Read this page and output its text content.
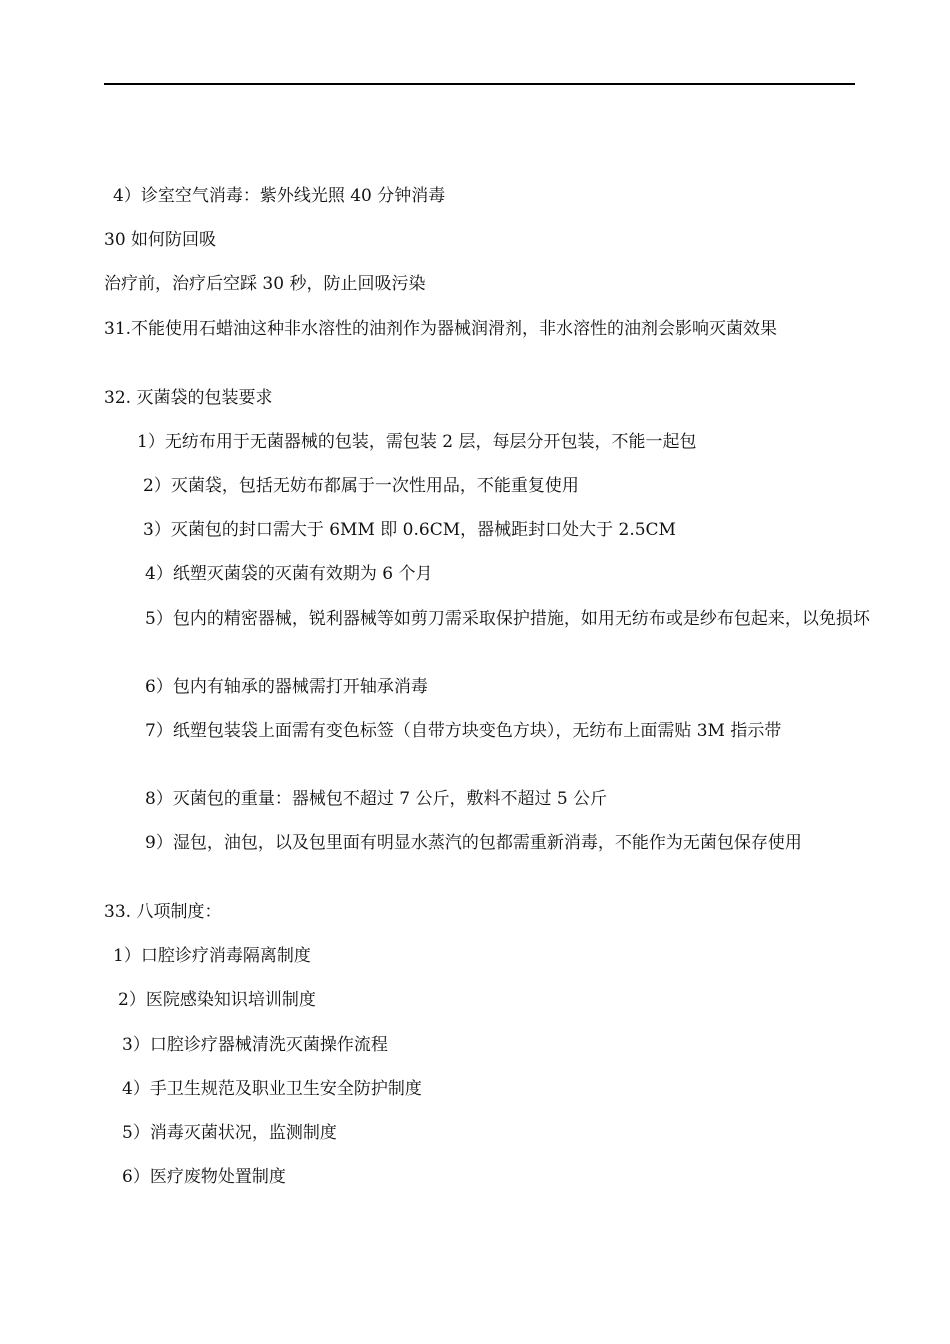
4）诊室空气消毒：紫外线光照 40 分钟消毒
30 如何防回吸
治疗前，治疗后空踩 30 秒，防止回吸污染
31.不能使用石蜡油这种非水溶性的油剂作为器械润滑剂，非水溶性的油剂会影响灭菌效果
32. 灭菌袋的包装要求
1）无纺布用于无菌器械的包装，需包装 2 层，每层分开包装，不能一起包
2）灭菌袋，包括无妨布都属于一次性用品，不能重复使用
3）灭菌包的封口需大于 6MM 即 0.6CM，器械距封口处大于 2.5CM
4）纸塑灭菌袋的灭菌有效期为 6 个月
5）包内的精密器械，锐利器械等如剪刀需采取保护措施，如用无纺布或是纱布包起来，以免损坏
6）包内有轴承的器械需打开轴承消毒
7）纸塑包装袋上面需有变色标签（自带方块变色方块），无纺布上面需贴 3M 指示带
8）灭菌包的重量：器械包不超过 7 公斤，敷料不超过 5 公斤
9）湿包，油包，以及包里面有明显水蒸汽的包都需重新消毒，不能作为无菌包保存使用
33. 八项制度：
1）口腔诊疗消毒隔离制度
2）医院感染知识培训制度
3）口腔诊疗器械清洗灭菌操作流程
4）手卫生规范及职业卫生安全防护制度
5）消毒灭菌状况，监测制度
6）医疗废物处置制度
